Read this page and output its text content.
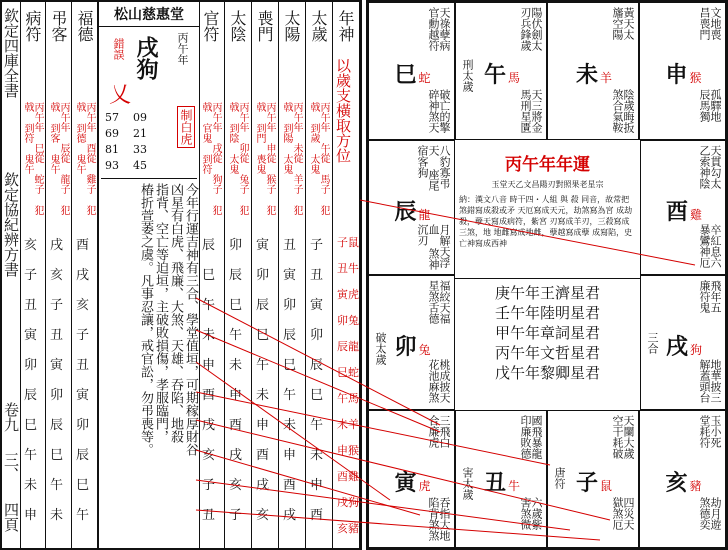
欽定四庫全書
欽定協紀辨方書
卷九
三、
四頁
病符
丙午年 巳從 蛇子 犯戟 到符 鬼午
亥
子
丑
寅
卯
辰
巳
午
未
申
弔客
丙午年 辰從 龍子 犯戟 到客 鬼午
戌
亥
子
丑
寅
卯
辰
巳
午
未
福德
丙午年 酉從 雞子 犯戟 到德 鬼午
酉
戌
亥
子
丑
寅
卯
辰
巳
午
松山慈惠堂
丙午年
戌狗
錯誤
乂
57 09
69 21
81 33
93 45
制白虎
今年行運吉神有三合、學堂值垣，可期稼厚財谷
凶星有白虎、飛廉、大煞、天雄、吞陷、地殺
指背、空亡等迫垣，主破敗損傷，孝服臨門，
椿折萱萎之虞。凡事忍讓，戒官訟，勿弔喪等。
官符
丙午年 戌從 狗子 犯戟 官鬼 到符
辰
巳
午
未
申
酉
戌
亥
子
丑
太陰
丙午年 卯從 兔子 犯戟 到陰 太鬼
卯
辰
巳
午
未
申
酉
戌
亥
子
喪門
丙午年 申從 猴子 犯戟 到門 喪鬼
寅
卯
辰
巳
午
未
申
酉
戌
亥
太陽
丙午年 未從 羊子 犯戟 到陽 太鬼
丑
寅
卯
辰
巳
午
未
申
酉
戌
太歲
丙午年 午從 馬子 犯戟 到歲 太鬼
子
丑
寅
卯
辰
巳
午
未
申
酉
年神
以歲支橫取方位
子鼠
丑牛
寅虎
卯兔
辰龍
巳蛇
午馬
未羊
申猴
酉雞
戌狗
亥豬
天祿孽病 官勳越符
巳蛇
破亡的擎 碎神煞天
陽伏劍太 刃兵鋒歲
刑太歲 午馬
天三將金 馬刑星匱
黃天太 旛空陽
未羊
陰歲晦扳 煞合氣鞍
文地喪 昌喪門
申猴
孤驛地 辰馬獨
八豹寡弔天 座尾宿客狗
辰龍
月解天浮血 煞神沉刃
天貫勾太 乙索神陰
酉雞
卒紅息六 暴鸞神厄
福絞天福 星煞舌德
破太歲 卯兔
桃成披天 花池麻煞
飛年五 廉符鬼
三合 戌狗
地華披三 解蓋頭台
三飛白 合廉虎
寅虎
吞指大地 陷背煞煞
國飛暴龍 印廉敗德
害太歲 丑牛
六歲紫 害煞微
天闌大歲 空干耗破
唐符 子鼠
四災天 獄煞厄
玉小死 堂耗符
亥豬
劫月遊 煞德奕
丙午年年運
玉堂天乙文昌陽刃對照果老星宗
納：漢文八音 時干四・人組 與 殺 同音，故常把煞錯寫成殺或矛 天厄寫成天元，劫煞寫為宮 成劫殺，孽天寫成病符，紫宮 刃寫成羊刃，三殺寫成三煞，地 地雌寫成地雌，孽越寫成孽 成寫陷，史亡神寫成西神
庚午年王濟星君
壬午年陸明星君
甲午年章詞星君
丙午年文哲星君
戊午年黎卿星君
